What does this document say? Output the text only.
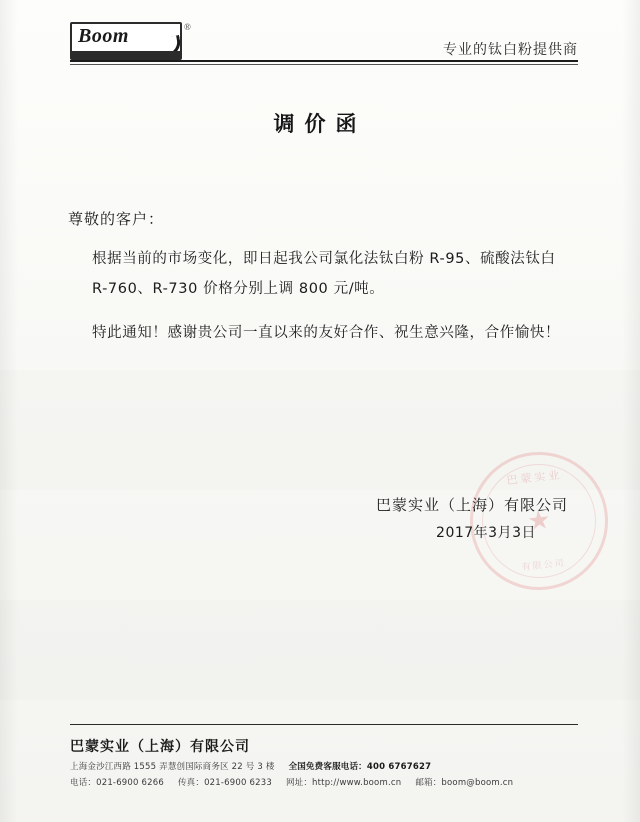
Boom	®
专业的钛白粉提供商
调价函
尊敬的客户：
根据当前的市场变化，即日起我公司氯化法钛白粉 R-95、硫酸法钛白 R-760、R-730 价格分别上调 800 元/吨。
特此通知！感谢贵公司一直以来的友好合作、祝生意兴隆，合作愉快！
巴蒙实业
★
有限公司
巴蒙实业（上海）有限公司
2017年3月3日
巴蒙实业（上海）有限公司
上海金沙江西路 1555 弄慧创国际商务区 22 号 3 楼 全国免费客服电话：400 6767627
电话：021-6900 6266 传真：021-6900 6233 网址：http://www.boom.cn 邮箱：boom@boom.cn
